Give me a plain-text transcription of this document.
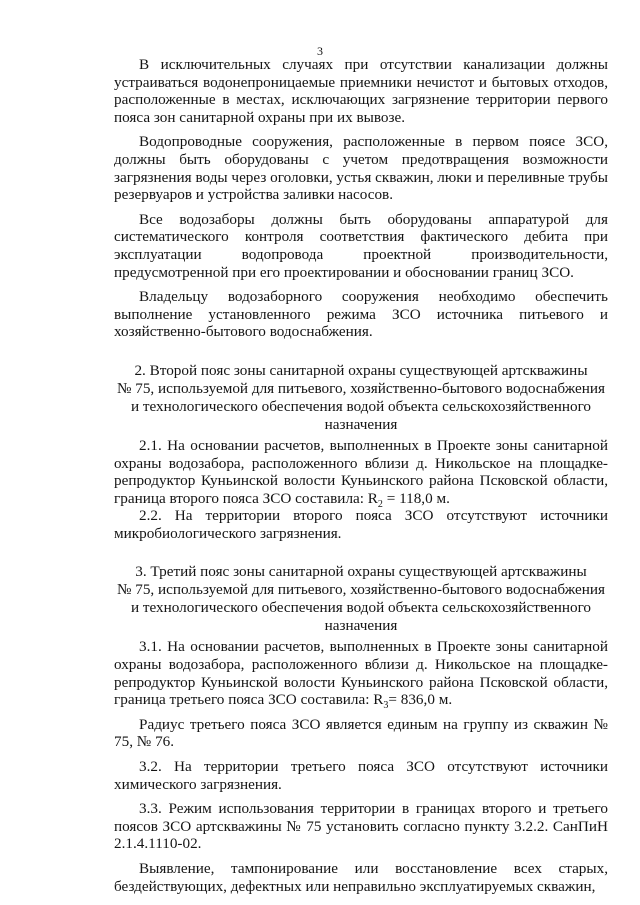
3

В исключительных случаях при отсутствии канализации должны устраиваться водонепроницаемые приемники нечистот и бытовых отходов, расположенные в местах, исключающих загрязнение территории первого пояса зон санитарной охраны при их вывозе.

Водопроводные сооружения, расположенные в первом поясе ЗСО, должны быть оборудованы с учетом предотвращения возможности загрязнения воды через оголовки, устья скважин, люки и переливные трубы резервуаров и устройства заливки насосов.

Все водозаборы должны быть оборудованы аппаратурой для систематического контроля соответствия фактического дебита при эксплуатации водопровода проектной производительности, предусмотренной при его проектировании и обосновании границ ЗСО.

Владельцу водозаборного сооружения необходимо обеспечить выполнение установленного режима ЗСО источника питьевого и хозяйственно-бытового водоснабжения.

2. Второй пояс зоны санитарной охраны существующей артскважины
№ 75, используемой для питьевого, хозяйственно-бытового водоснабжения
и технологического обеспечения водой объекта сельскохозяйственного
назначения

2.1. На основании расчетов, выполненных в Проекте зоны санитарной охраны водозабора, расположенного вблизи д. Никольское на площадке-репродуктор Куньинской волости Куньинского района Псковской области, граница второго пояса ЗСО составила: $R_2 = 118,0$ м.

2.2. На территории второго пояса ЗСО отсутствуют источники микробиологического загрязнения.

3. Третий пояс зоны санитарной охраны существующей артскважины
№ 75, используемой для питьевого, хозяйственно-бытового водоснабжения
и технологического обеспечения водой объекта сельскохозяйственного
назначения

3.1. На основании расчетов, выполненных в Проекте зоны санитарной охраны водозабора, расположенного вблизи д. Никольское на площадке-репродуктор Куньинской волости Куньинского района Псковской области, граница третьего пояса ЗСО составила: $R_3= 836,0$ м.

Радиус третьего пояса ЗСО является единым на группу из скважин № 75, № 76.

3.2. На территории третьего пояса ЗСО отсутствуют источники химического загрязнения.

3.3. Режим использования территории в границах второго и третьего поясов ЗСО артскважины № 75 установить согласно пункту 3.2.2. СанПиН 2.1.4.1110-02.

Выявление, тампонирование или восстановление всех старых, бездействующих, дефектных или неправильно эксплуатируемых скважин,
